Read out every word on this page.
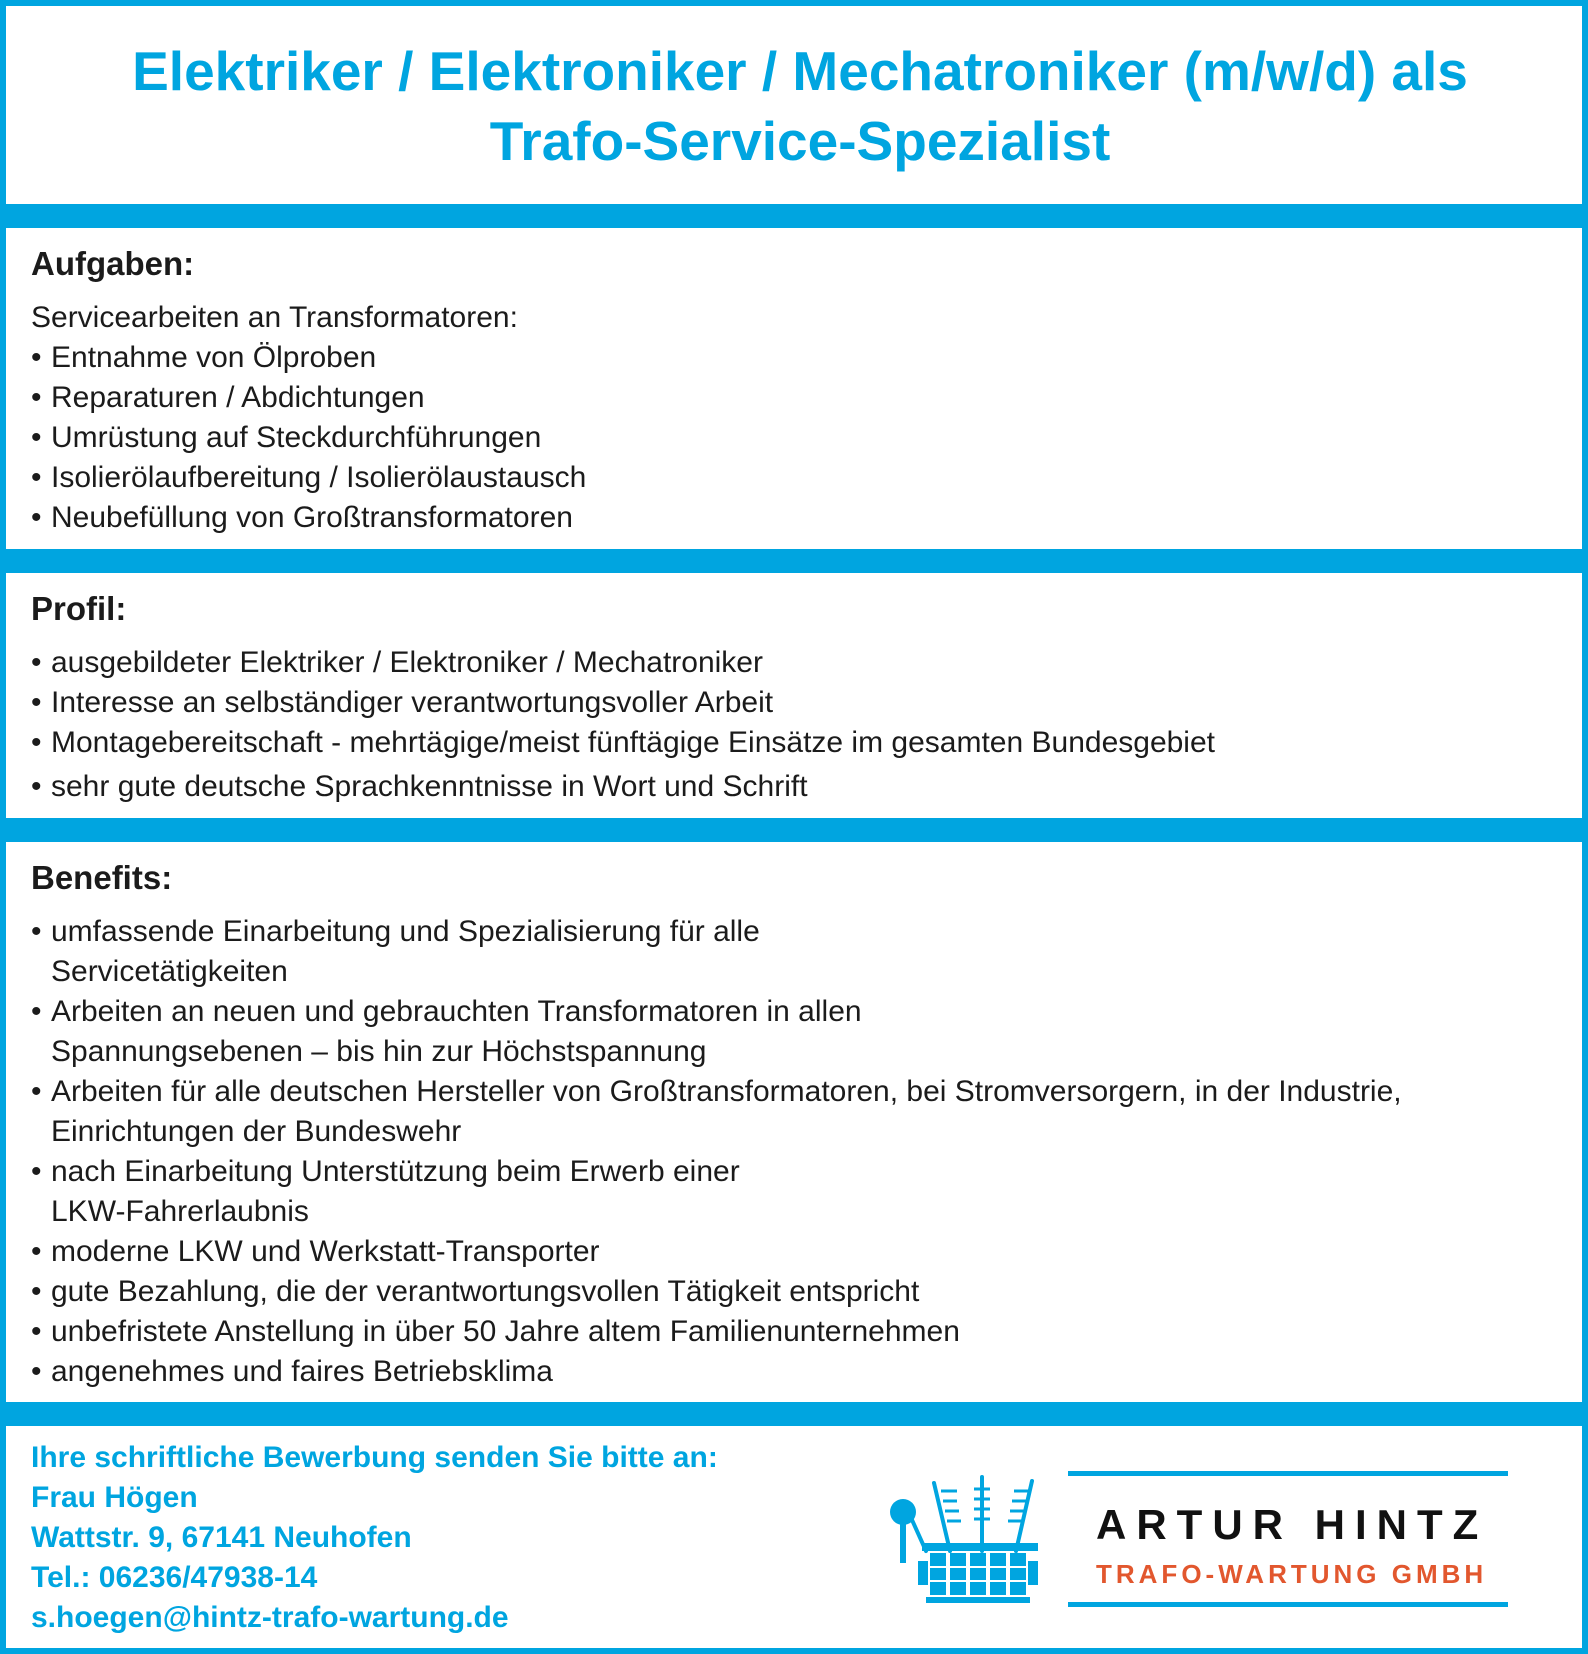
Elektriker / Elektroniker / Mechatroniker (m/w/d) als
Trafo-Service-Spezialist
Aufgaben:

Servicearbeiten an Transformatoren:

• Entnahme von Ölproben
• Reparaturen / Abdichtungen
• Umrüstung auf Steckdurchführungen
• Isolierölaufbereitung / Isolierölaustausch
• Neubefüllung von Großtransformatoren
Profil:
• ausgebildeter Elektriker / Elektroniker / Mechatroniker
• Interesse an selbständiger verantwortungsvoller Arbeit
• Montagebereitschaft - mehrtägige/meist fünftägige Einsätze im gesamten Bundesgebiet
• sehr gute deutsche Sprachkenntnisse in Wort und Schrift
Benefits:
• umfassende Einarbeitung und Spezialisierung für alle
Servicetätigkeiten
• Arbeiten an neuen und gebrauchten Transformatoren in allen
Spannungsebenen – bis hin zur Höchstspannung
• Arbeiten für alle deutschen Hersteller von Großtransformatoren, bei Stromversorgern, in der Industrie,
Einrichtungen der Bundeswehr
• nach Einarbeitung Unterstützung beim Erwerb einer
LKW-Fahrerlaubnis
• moderne LKW und Werkstatt-Transporter
• gute Bezahlung, die der verantwortungsvollen Tätigkeit entspricht
• unbefristete Anstellung in über 50 Jahre altem Familienunternehmen
• angenehmes und faires Betriebsklima
Ihre schriftliche Bewerbung senden Sie bitte an:
Frau Högen
Wattstr. 9, 67141 Neuhofen
Tel.: 06236/47938-14
s.hoegen@hintz-trafo-wartung.de
ARTUR HINTZ
TRAFO-WARTUNG GMBH
